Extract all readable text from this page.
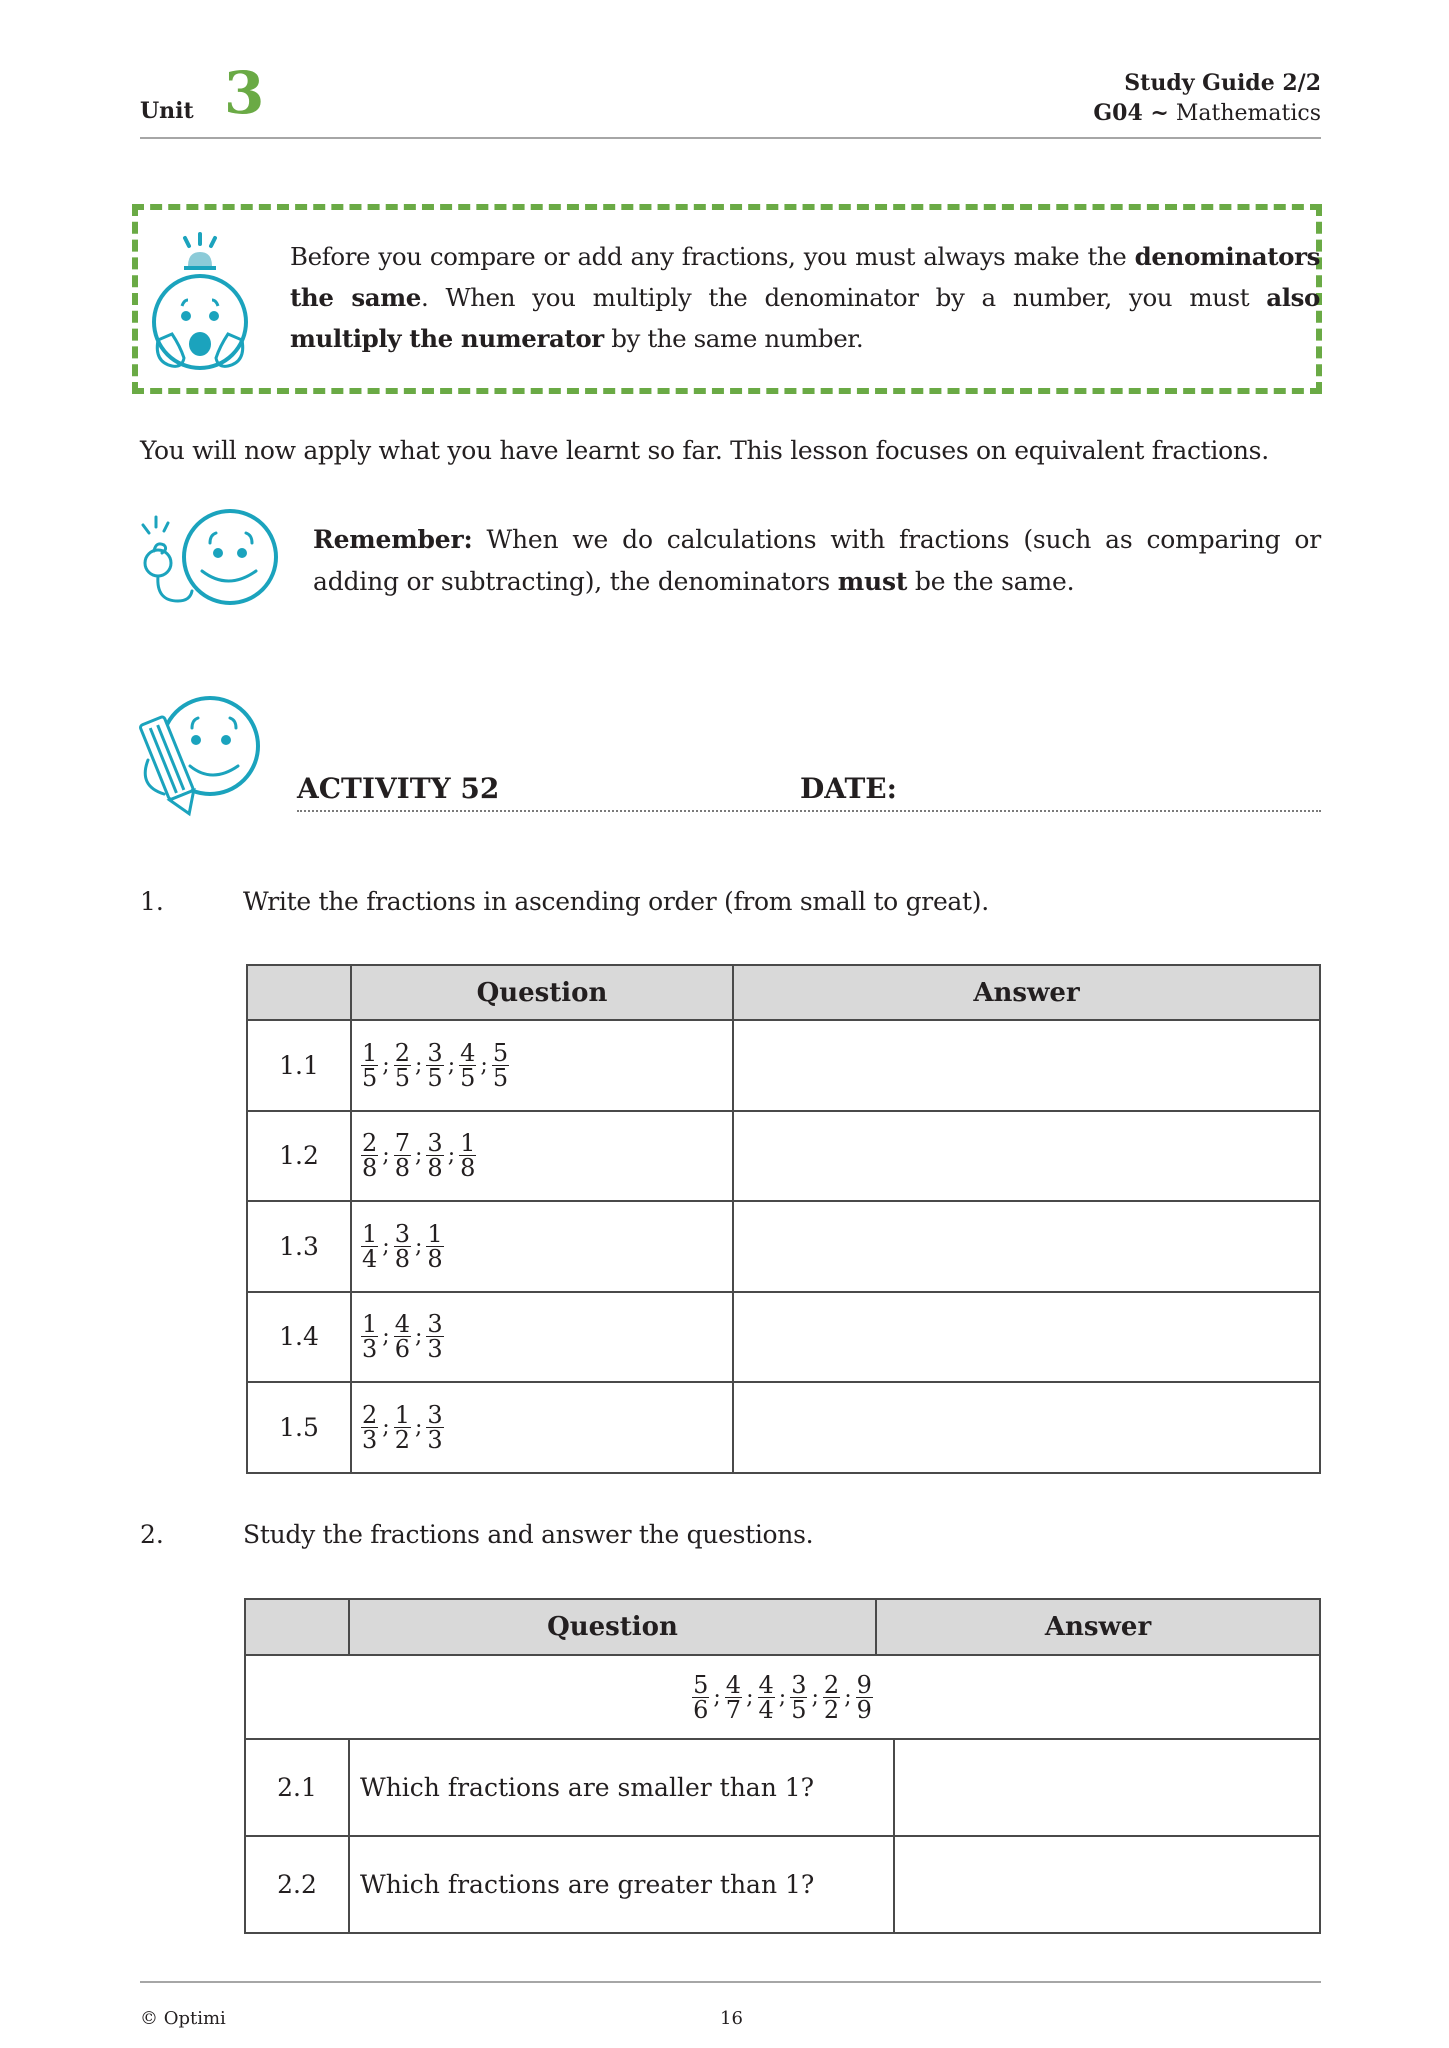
Unit 3	Study Guide 2/2
G04 ~ Mathematics
Before you compare or add any fractions, you must always make the denominators the same. When you multiply the denominator by a number, you must also multiply the numerator by the same number.
You will now apply what you have learnt so far. This lesson focuses on equivalent fractions.
Remember: When we do calculations with fractions (such as comparing or adding or subtracting), the denominators must be the same.
ACTIVITY 52	DATE:
1.	Write the fractions in ascending order (from small to great).
	Question	Answer
1.1	$\frac{1}{5}$ ; $\frac{2}{5}$ ; $\frac{3}{5}$ ; $\frac{4}{5}$ ; $\frac{5}{5}$

1.2	$\frac{2}{8}$ ; $\frac{7}{8}$ ; $\frac{3}{8}$ ; $\frac{1}{8}$

1.3	$\frac{1}{4}$ ; $\frac{3}{8}$ ; $\frac{1}{8}$

1.4	$\frac{1}{3}$ ; $\frac{4}{6}$ ; $\frac{3}{3}$

1.5	$\frac{2}{3}$ ; $\frac{1}{2}$ ; $\frac{3}{3}$

2.	Study the fractions and answer the questions.

Question Answer	

$\frac{5}{6}$ ; $\frac{4}{7}$ ; $\frac{4}{4}$ ; $\frac{3}{5}$ ; $\frac{2}{2}$ ; $\frac{9}{9}$

2.1	Which fractions are smaller than 1?	
2.2	Which fractions are greater than 1?	
© Optimi	16
